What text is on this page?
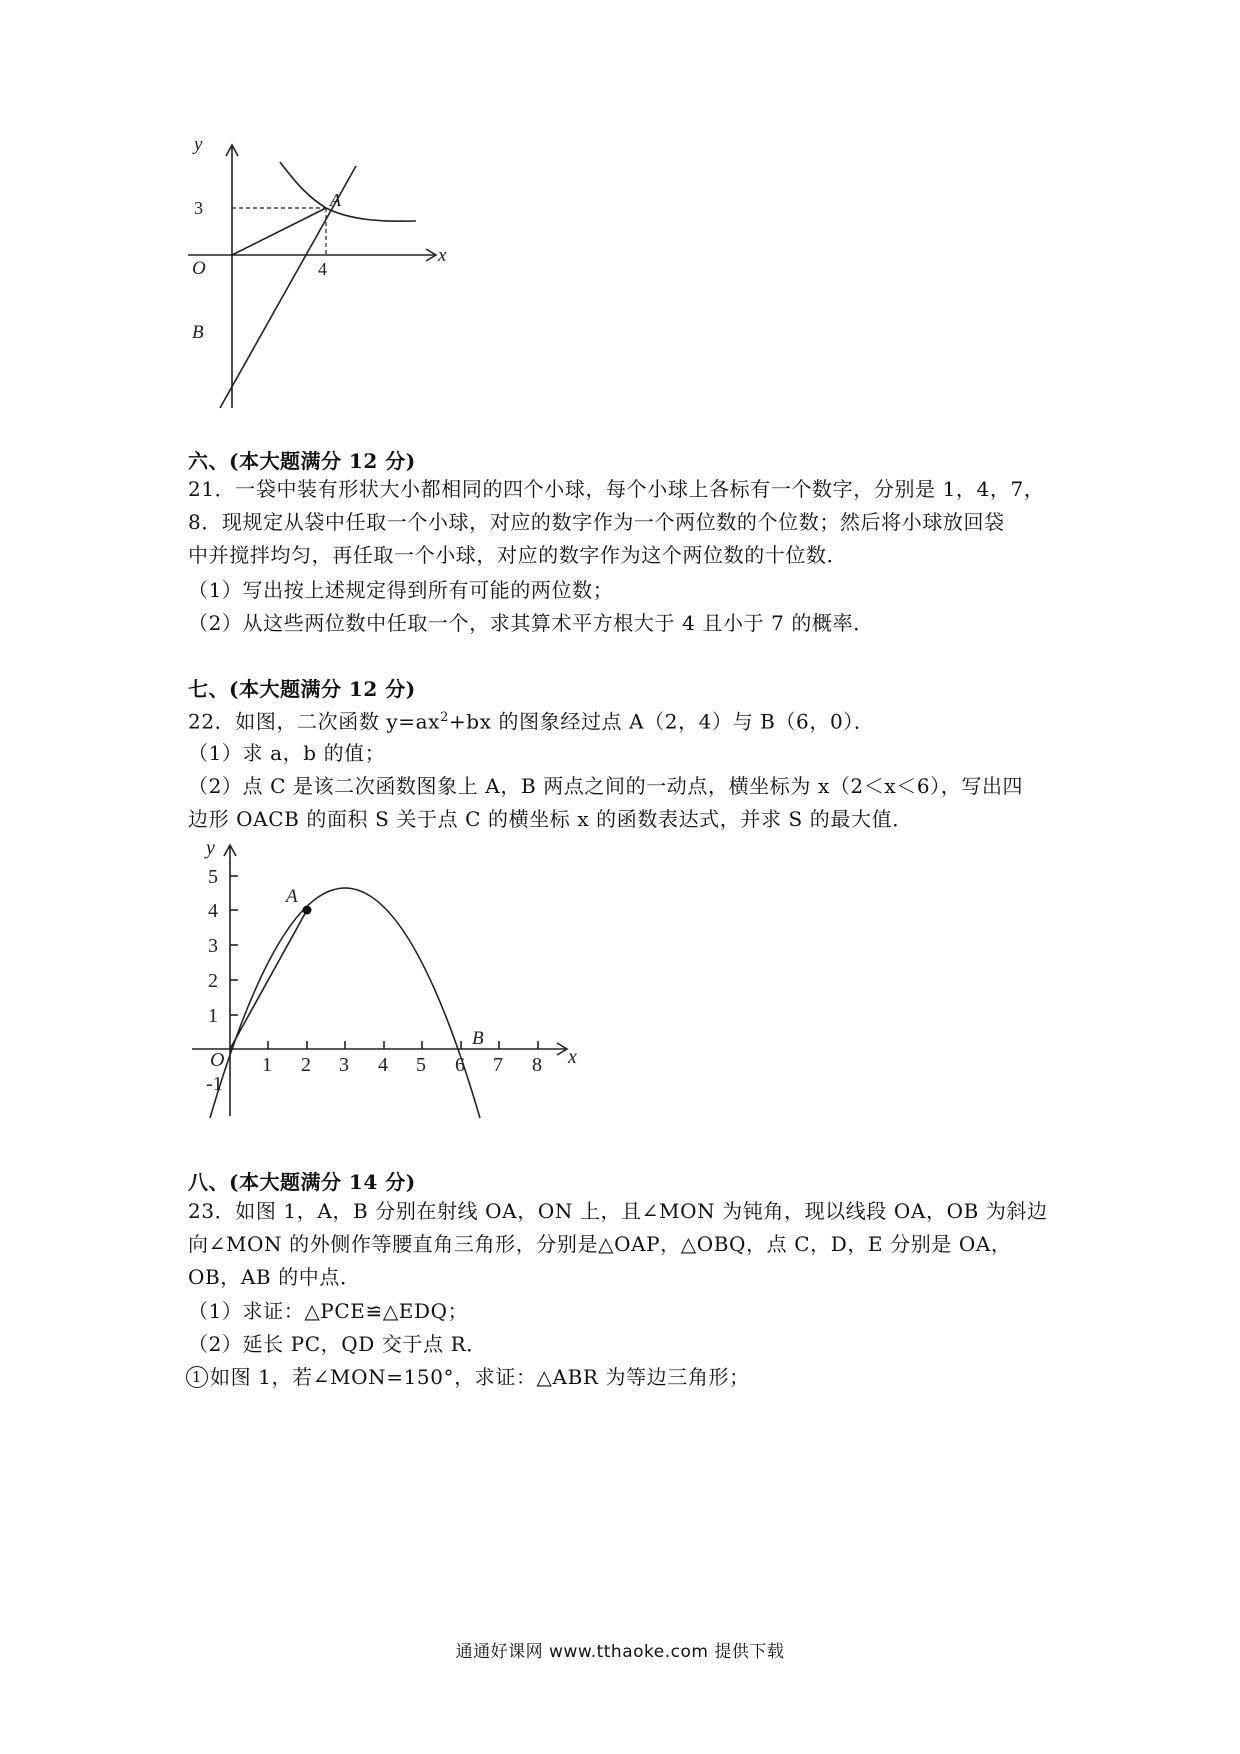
y
x
O
A
B
3
4
六、(本大题满分 12 分)
21．一袋中装有形状大小都相同的四个小球，每个小球上各标有一个数字，分别是 1，4，7，
8．现规定从袋中任取一个小球，对应的数字作为一个两位数的个位数；然后将小球放回袋
中并搅拌均匀，再任取一个小球，对应的数字作为这个两位数的十位数．
（1）写出按上述规定得到所有可能的两位数；
（2）从这些两位数中任取一个，求其算术平方根大于 4 且小于 7 的概率．
七、(本大题满分 12 分)
22．如图，二次函数 $y=ax^2+bx$ 的图象经过点 A（2，4）与 B（6，0）．
（1）求 a，b 的值；
（2）点 C 是该二次函数图象上 A，B 两点之间的一动点，横坐标为 x（2＜x＜6），写出四
边形 OACB 的面积 S 关于点 C 的横坐标 x 的函数表达式，并求 S 的最大值．
y
x
O
-1
A
B
1
2
3
4
5
1 2 3 4 5 6 7 8
八、(本大题满分 14 分)
23．如图 1，A，B 分别在射线 OA，ON 上，且∠MON 为钝角，现以线段 OA，OB 为斜边
向∠MON 的外侧作等腰直角三角形，分别是△OAP，△OBQ，点 C，D，E 分别是 OA，
OB，AB 的中点．
（1）求证：△PCE≌△EDQ；
（2）延长 PC，QD 交于点 R．
1 如图 1，若∠MON=150°，求证：△ABR 为等边三角形；
通通好课网 www.tthaoke.com 提供下载
